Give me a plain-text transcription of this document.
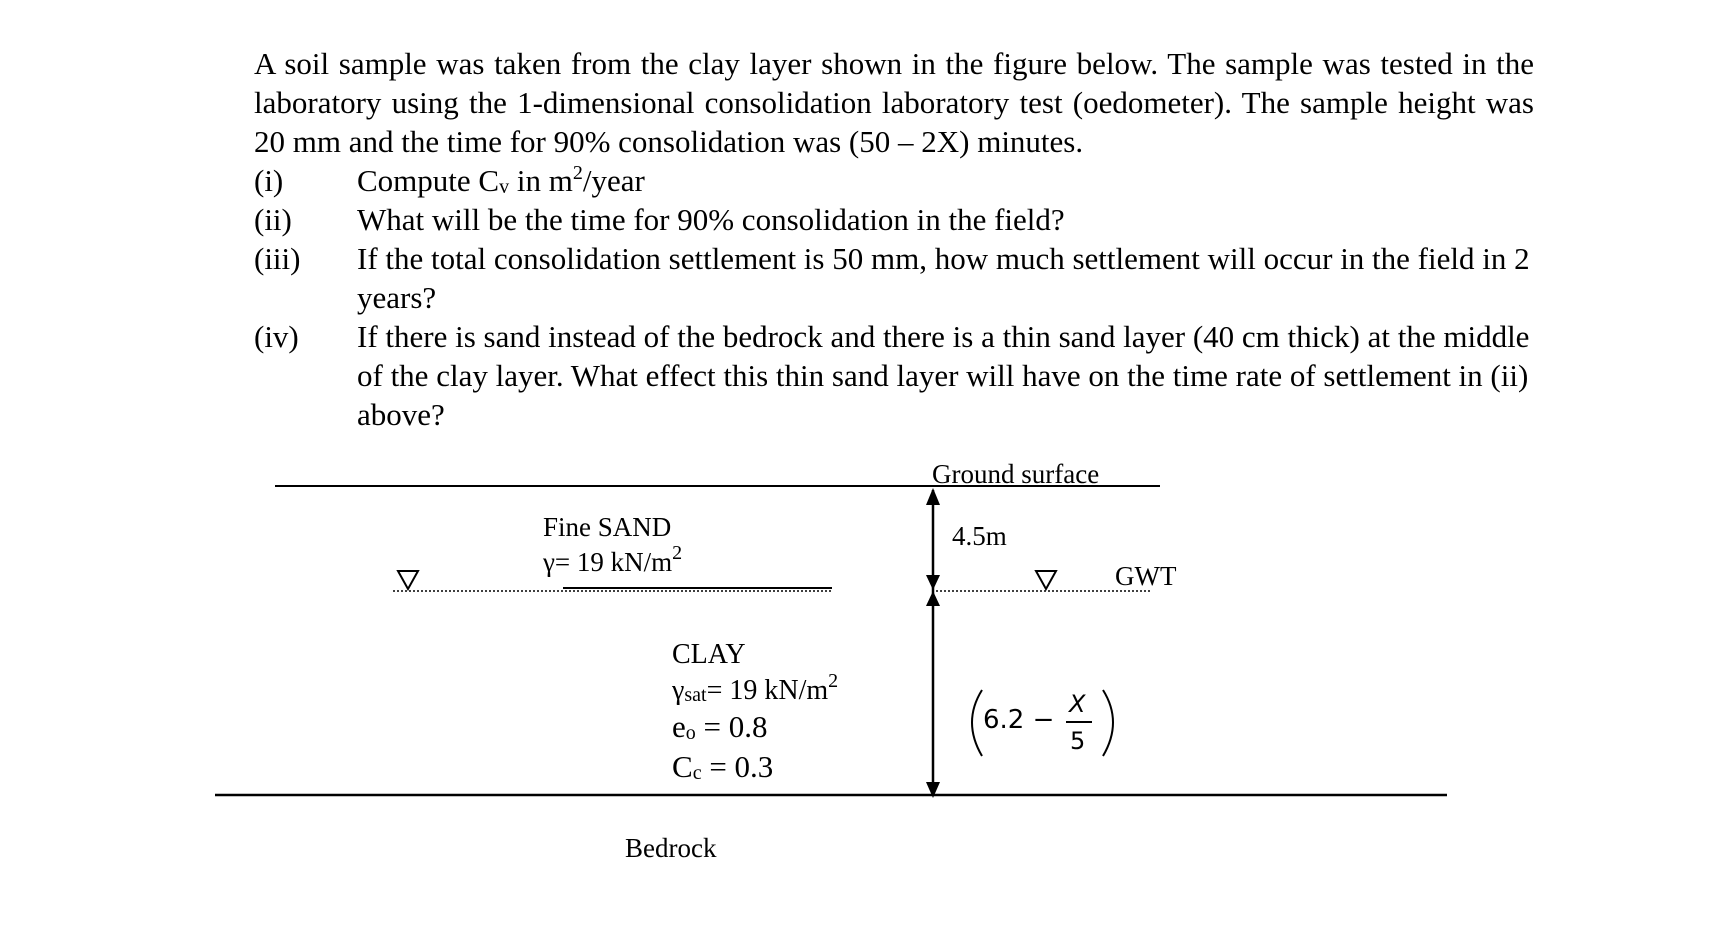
A soil sample was taken from the clay layer shown in the figure below. The sample was tested in the laboratory using the 1-dimensional consolidation laboratory test (oedometer). The sample height was 20 mm and the time for 90% consolidation was (50 – 2X) minutes.
(i) Compute $C_v$ in $m^2$/year
(ii) What will be the time for 90% consolidation in the field?
(iii) If the total consolidation settlement is 50 mm, how much settlement will occur in the field in 2 years?
(iv) If there is sand instead of the bedrock and there is a thin sand layer (40 cm thick) at the middle of the clay layer. What effect this thin sand layer will have on the time rate of settlement in (ii) above?
Ground surface
Fine SAND
γ= 19 $kN/m^2$
4.5m
GWT
CLAY
$\gamma_{sat}= 19$ $kN/m^2$
$e_o = 0.8$
$C_c = 0.3$
6.2 −
X
5
Bedrock
